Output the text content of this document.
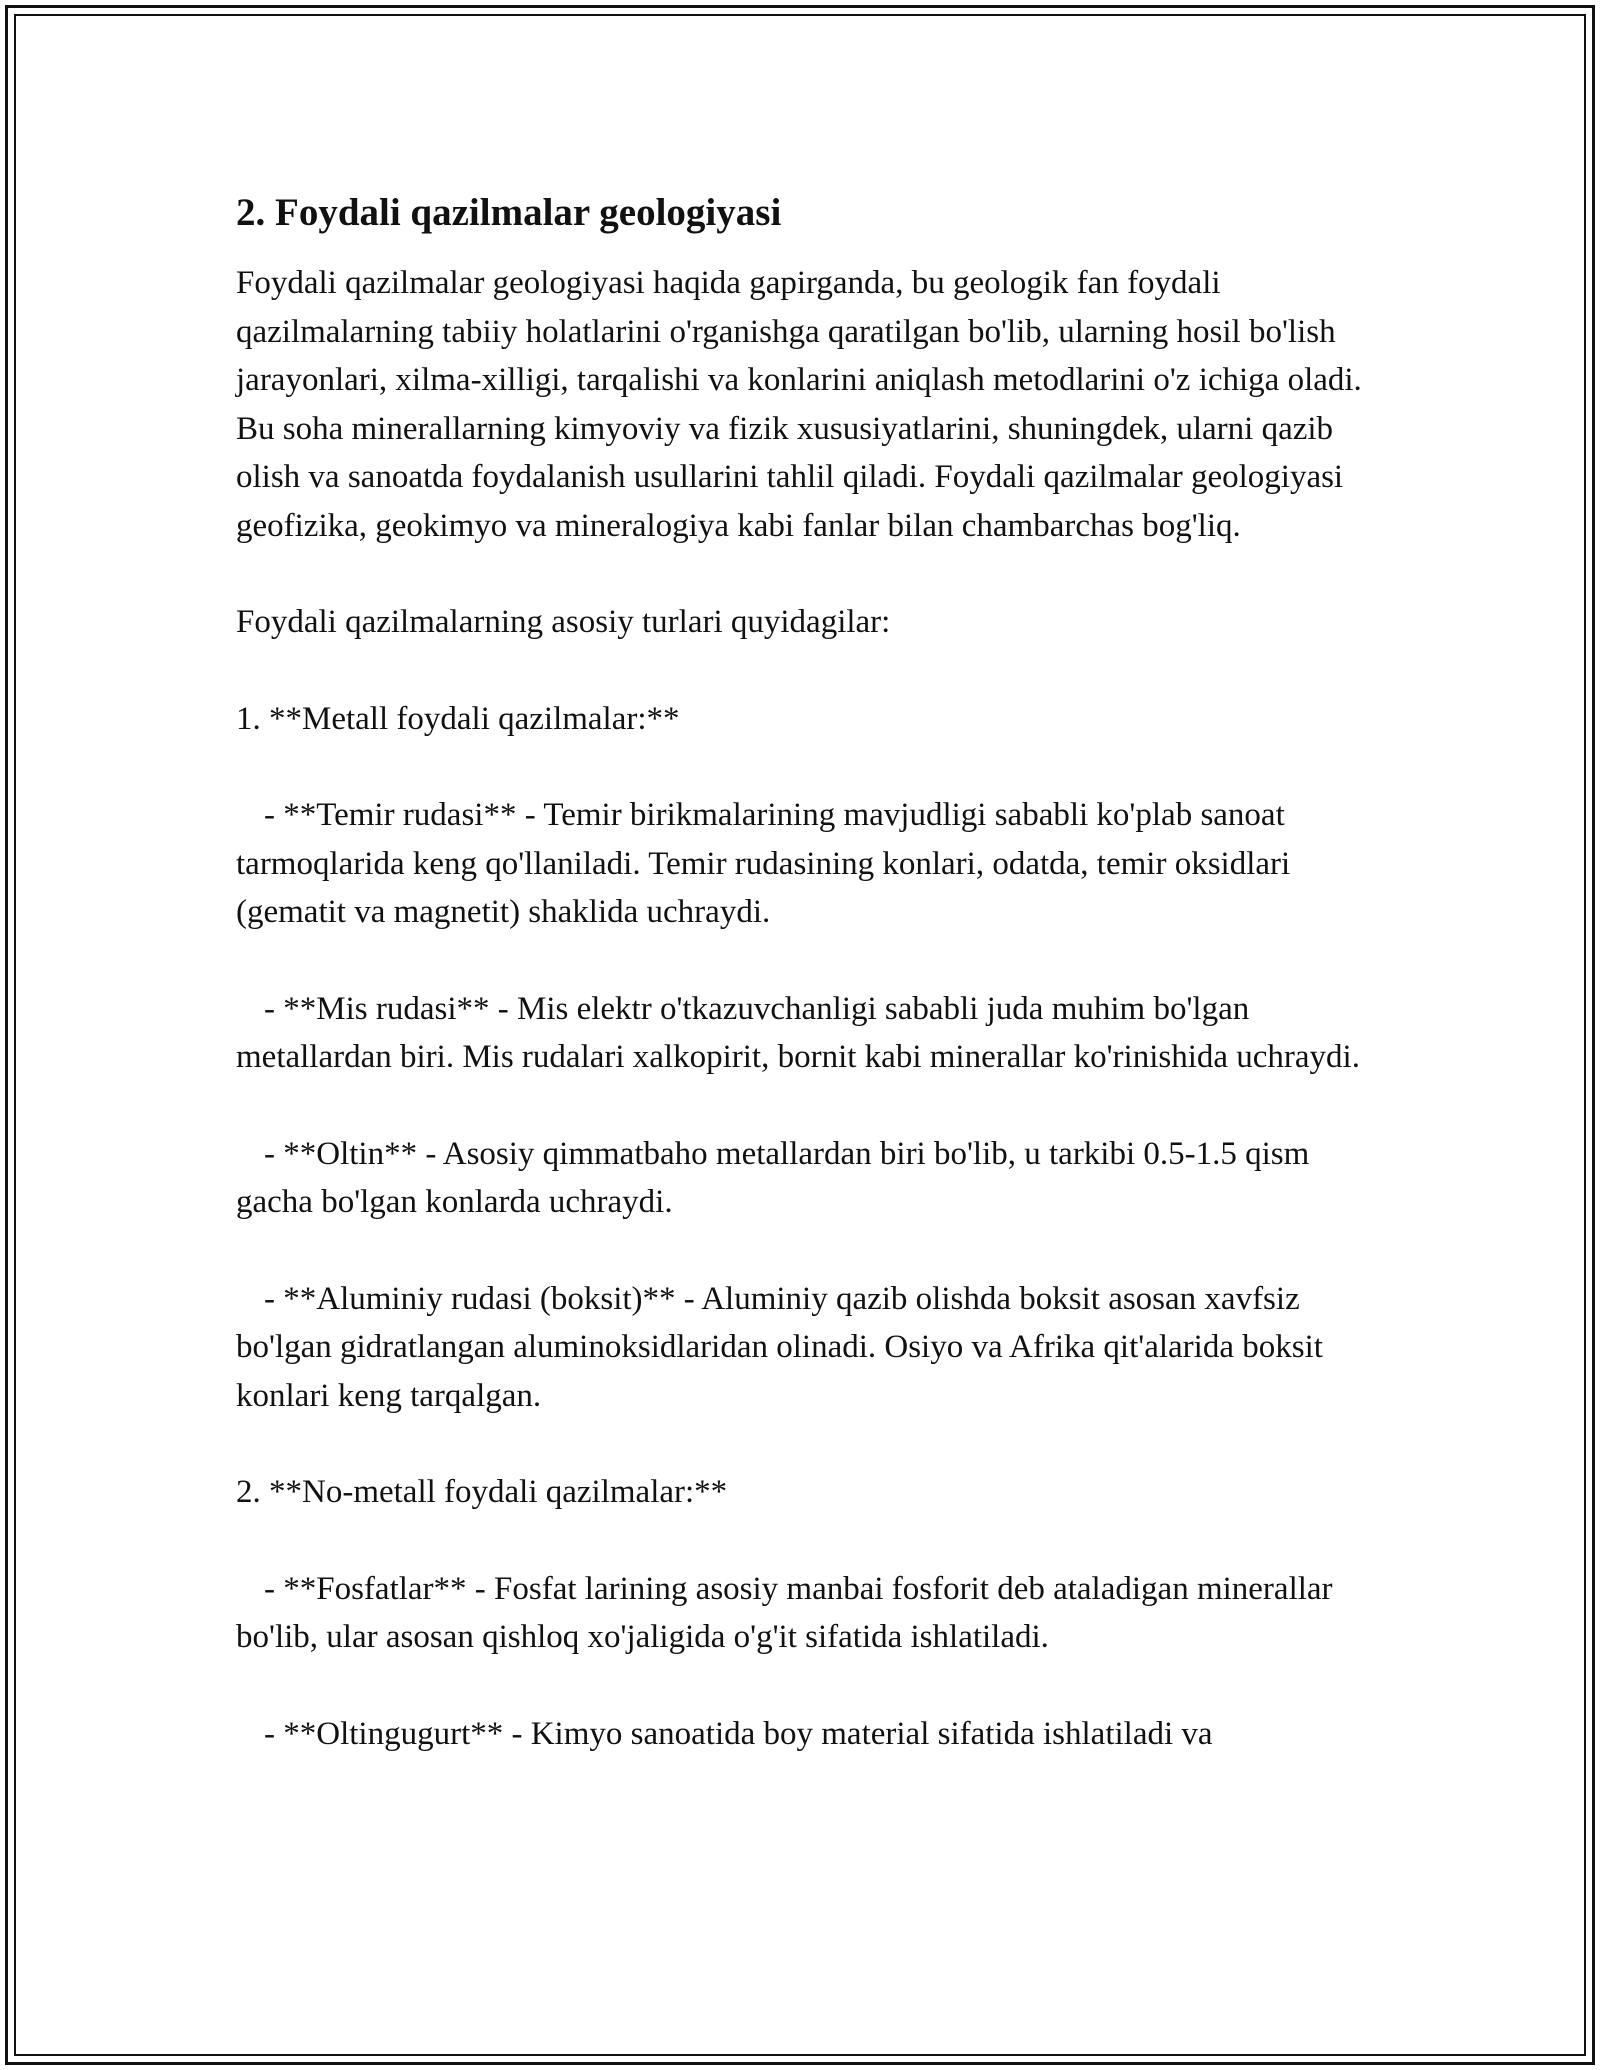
2. Foydali qazilmalar geologiyasi

Foydali qazilmalar geologiyasi haqida gapirganda, bu geologik fan foydali qazilmalarning tabiiy holatlarini o'rganishga qaratilgan bo'lib, ularning hosil bo'lish jarayonlari, xilma-xilligi, tarqalishi va konlarini aniqlash metodlarini o'z ichiga oladi. Bu soha minerallarning kimyoviy va fizik xususiyatlarini, shuningdek, ularni qazib olish va sanoatda foydalanish usullarini tahlil qiladi. Foydali qazilmalar geologiyasi geofizika, geokimyo va mineralogiya kabi fanlar bilan chambarchas bog'liq.

Foydali qazilmalarning asosiy turlari quyidagilar:

1. **Metall foydali qazilmalar:**

- **Temir rudasi** - Temir birikmalarining mavjudligi sababli ko'plab sanoat tarmoqlarida keng qo'llaniladi. Temir rudasining konlari, odatda, temir oksidlari (gematit va magnetit) shaklida uchraydi.

- **Mis rudasi** - Mis elektr o'tkazuvchanligi sababli juda muhim bo'lgan metallardan biri. Mis rudalari xalkopirit, bornit kabi minerallar ko'rinishida uchraydi.

- **Oltin** - Asosiy qimmatbaho metallardan biri bo'lib, u tarkibi 0.5-1.5 qism gacha bo'lgan konlarda uchraydi.

- **Aluminiy rudasi (boksit)** - Aluminiy qazib olishda boksit asosan xavfsiz bo'lgan gidratlangan aluminoksidlaridan olinadi. Osiyo va Afrika qit'alarida boksit konlari keng tarqalgan.

2. **No-metall foydali qazilmalar:**

- **Fosfatlar** - Fosfat larining asosiy manbai fosforit deb ataladigan minerallar bo'lib, ular asosan qishloq xo'jaligida o'g'it sifatida ishlatiladi.

- **Oltingugurt** - Kimyo sanoatida boy material sifatida ishlatiladi va
